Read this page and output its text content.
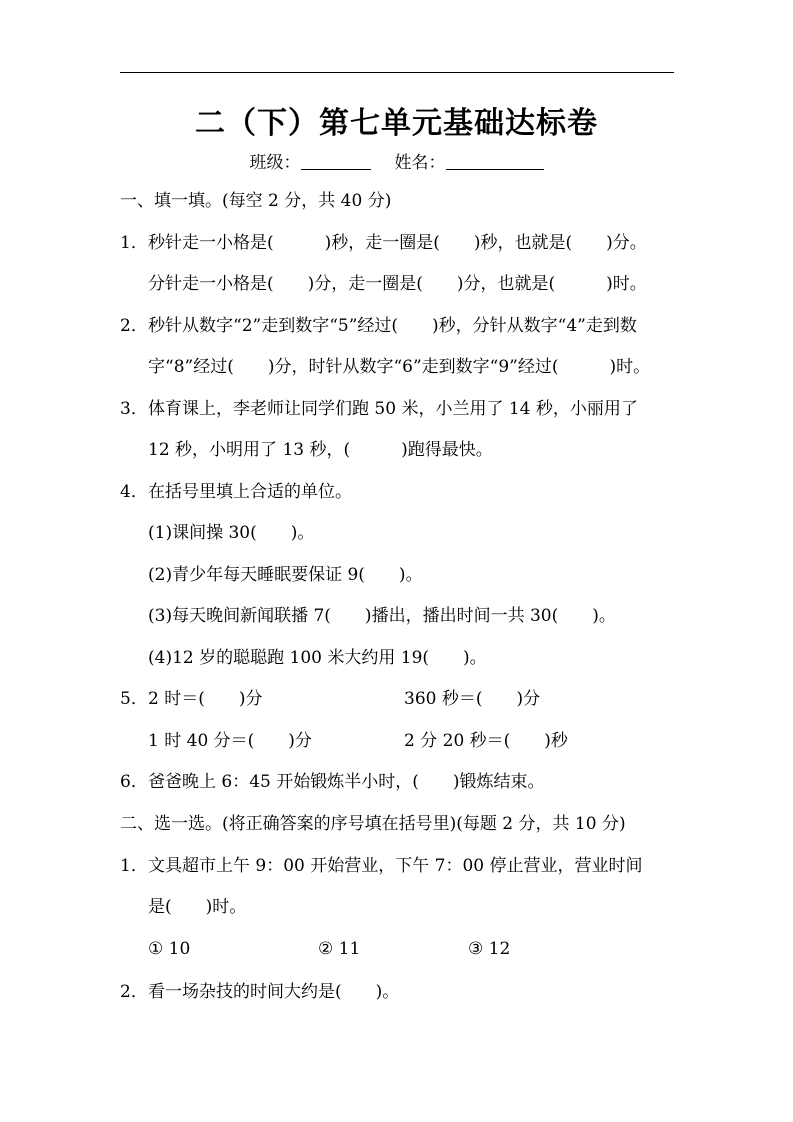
二（下）第七单元基础达标卷
班级：	姓名：
一、填一填。(每空 2 分，共 40 分)
1．秒针走一小格是(　　　)秒，走一圈是(　　)秒，也就是(　　)分。
分针走一小格是(　　)分，走一圈是(　　)分，也就是(　　　)时。
2．秒针从数字“2”走到数字“5”经过(　　)秒，分针从数字“4”走到数
字“8”经过(　　)分，时针从数字“6”走到数字“9”经过(　　　)时。
3．体育课上，李老师让同学们跑 50 米，小兰用了 14 秒，小丽用了
12 秒，小明用了 13 秒，(　　　)跑得最快。
4．在括号里填上合适的单位。
(1)课间操 30(　　)。
(2)青少年每天睡眠要保证 9(　　)。
(3)每天晚间新闻联播 7(　　)播出，播出时间一共 30(　　)。
(4)12 岁的聪聪跑 100 米大约用 19(　　)。
5．2 时＝(　　)分	360 秒＝(　　)分
1 时 40 分＝(　　)分	2 分 20 秒＝(　　)秒
6．爸爸晚上 6：45 开始锻炼半小时，(　　)锻炼结束。
二、选一选。(将正确答案的序号填在括号里)(每题 2 分，共 10 分)
1．文具超市上午 9：00 开始营业，下午 7：00 停止营业，营业时间
是(　　)时。
① 10	② 11	③ 12
2．看一场杂技的时间大约是(　　)。
